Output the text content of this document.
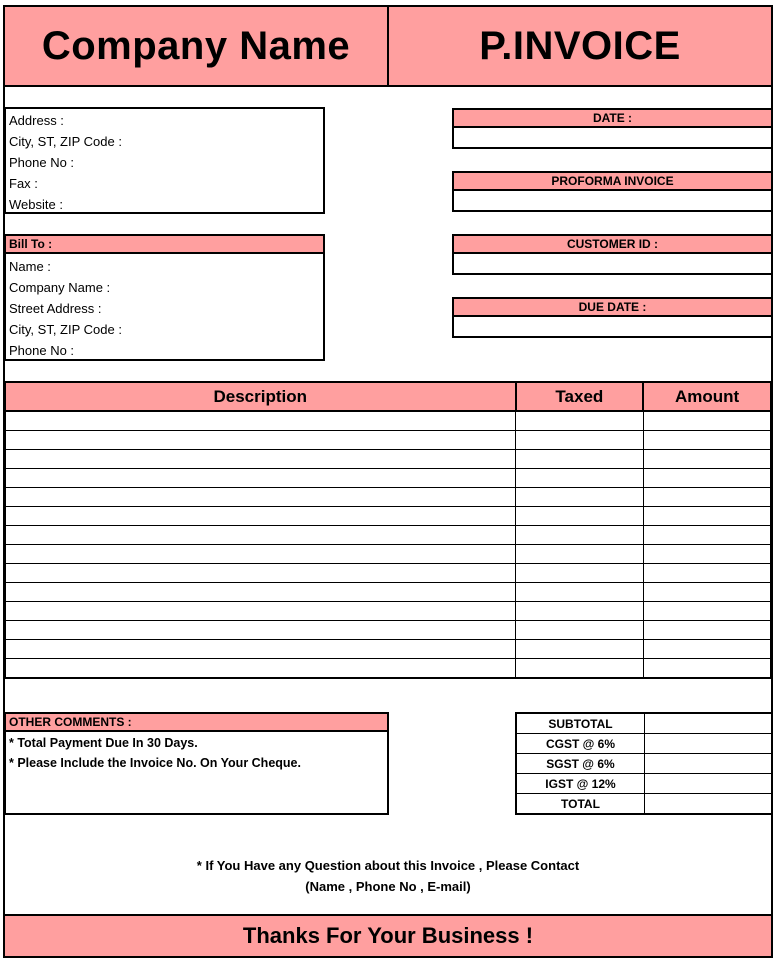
Company Name	P.INVOICE
Address :
City, ST, ZIP Code :
Phone No :
Fax :
Website :
Bill To :
Name :
Company Name :
Street Address :
City, ST, ZIP Code :
Phone No :
DATE :
PROFORMA INVOICE
CUSTOMER ID :
DUE DATE :
Description	Taxed	Amount

OTHER COMMENTS :
* Total Payment Due In 30 Days.
* Please Include the Invoice No. On Your Cheque.
SUBTOTAL	
CGST @ 6%	
SGST @ 6%	
IGST @ 12%	
TOTAL	
* If You Have any Question about this Invoice , Please Contact
(Name , Phone No , E-mail)
Thanks For Your Business !
